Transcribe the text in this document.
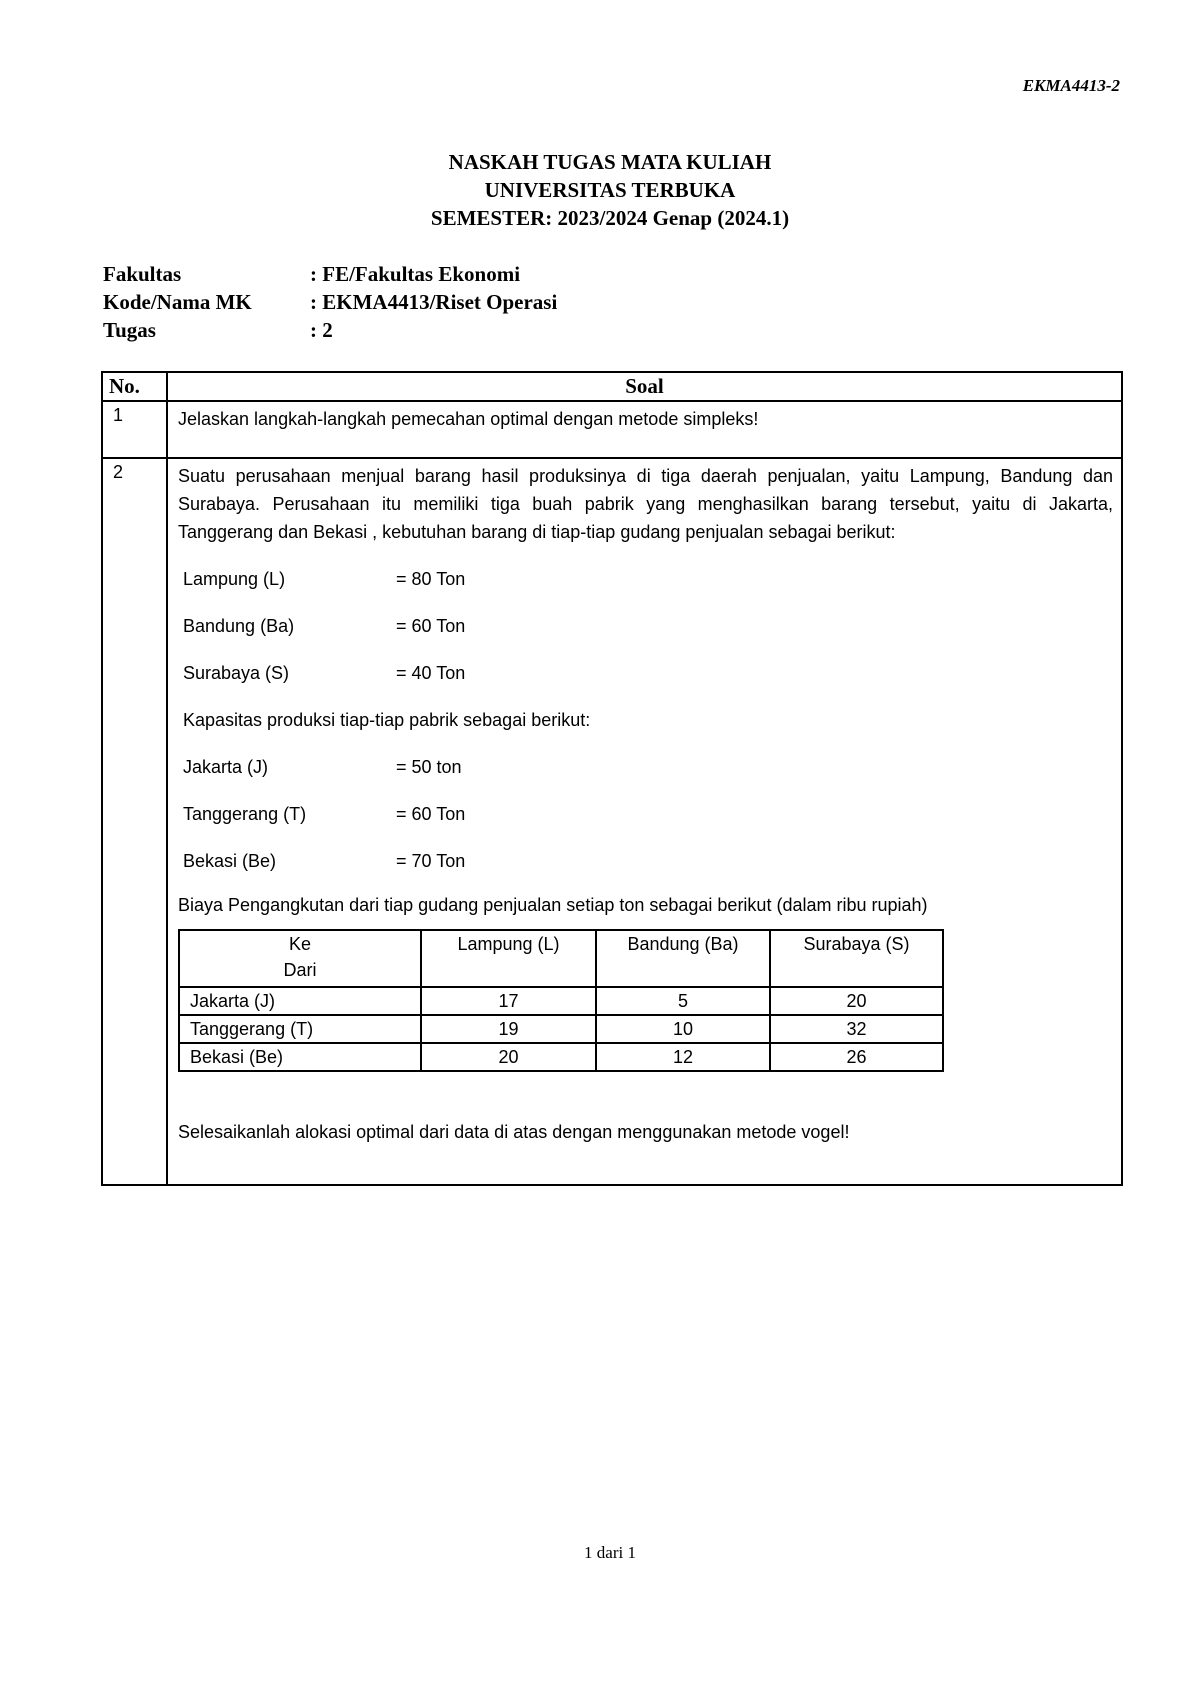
EKMA4413-2
NASKAH TUGAS MATA KULIAH
UNIVERSITAS TERBUKA
SEMESTER: 2023/2024 Genap (2024.1)
Fakultas	: FE/Fakultas Ekonomi
Kode/Nama MK	: EKMA4413/Riset Operasi
Tugas	: 2
No.	Soal
1	Jelaskan langkah-langkah pemecahan optimal dengan metode simpleks!
2	Suatu perusahaan menjual barang hasil produksinya di tiga daerah penjualan, yaitu Lampung, Bandung dan Surabaya. Perusahaan itu memiliki tiga buah pabrik yang menghasilkan barang tersebut, yaitu di Jakarta, Tanggerang dan Bekasi , kebutuhan barang di tiap-tiap gudang penjualan sebagai berikut:

Lampung (L)	= 80 Ton
Bandung (Ba)	= 60 Ton
Surabaya (S)	= 40 Ton
Kapasitas produksi tiap-tiap pabrik sebagai berikut:
Jakarta (J)	= 50 ton
Tanggerang (T)	= 60 Ton
Bekasi (Be)	= 70 Ton
Biaya Pengangkutan dari tiap gudang penjualan setiap ton sebagai berikut (dalam ribu rupiah)
Ke
Dari
	Lampung (L)	Bandung (Ba)	Surabaya (S)
Jakarta (J)	17	5	20
Tanggerang (T)	19	10	32
Bekasi (Be)	20	12	26
Selesaikanlah alokasi optimal dari data di atas dengan menggunakan metode vogel!
1 dari 1
